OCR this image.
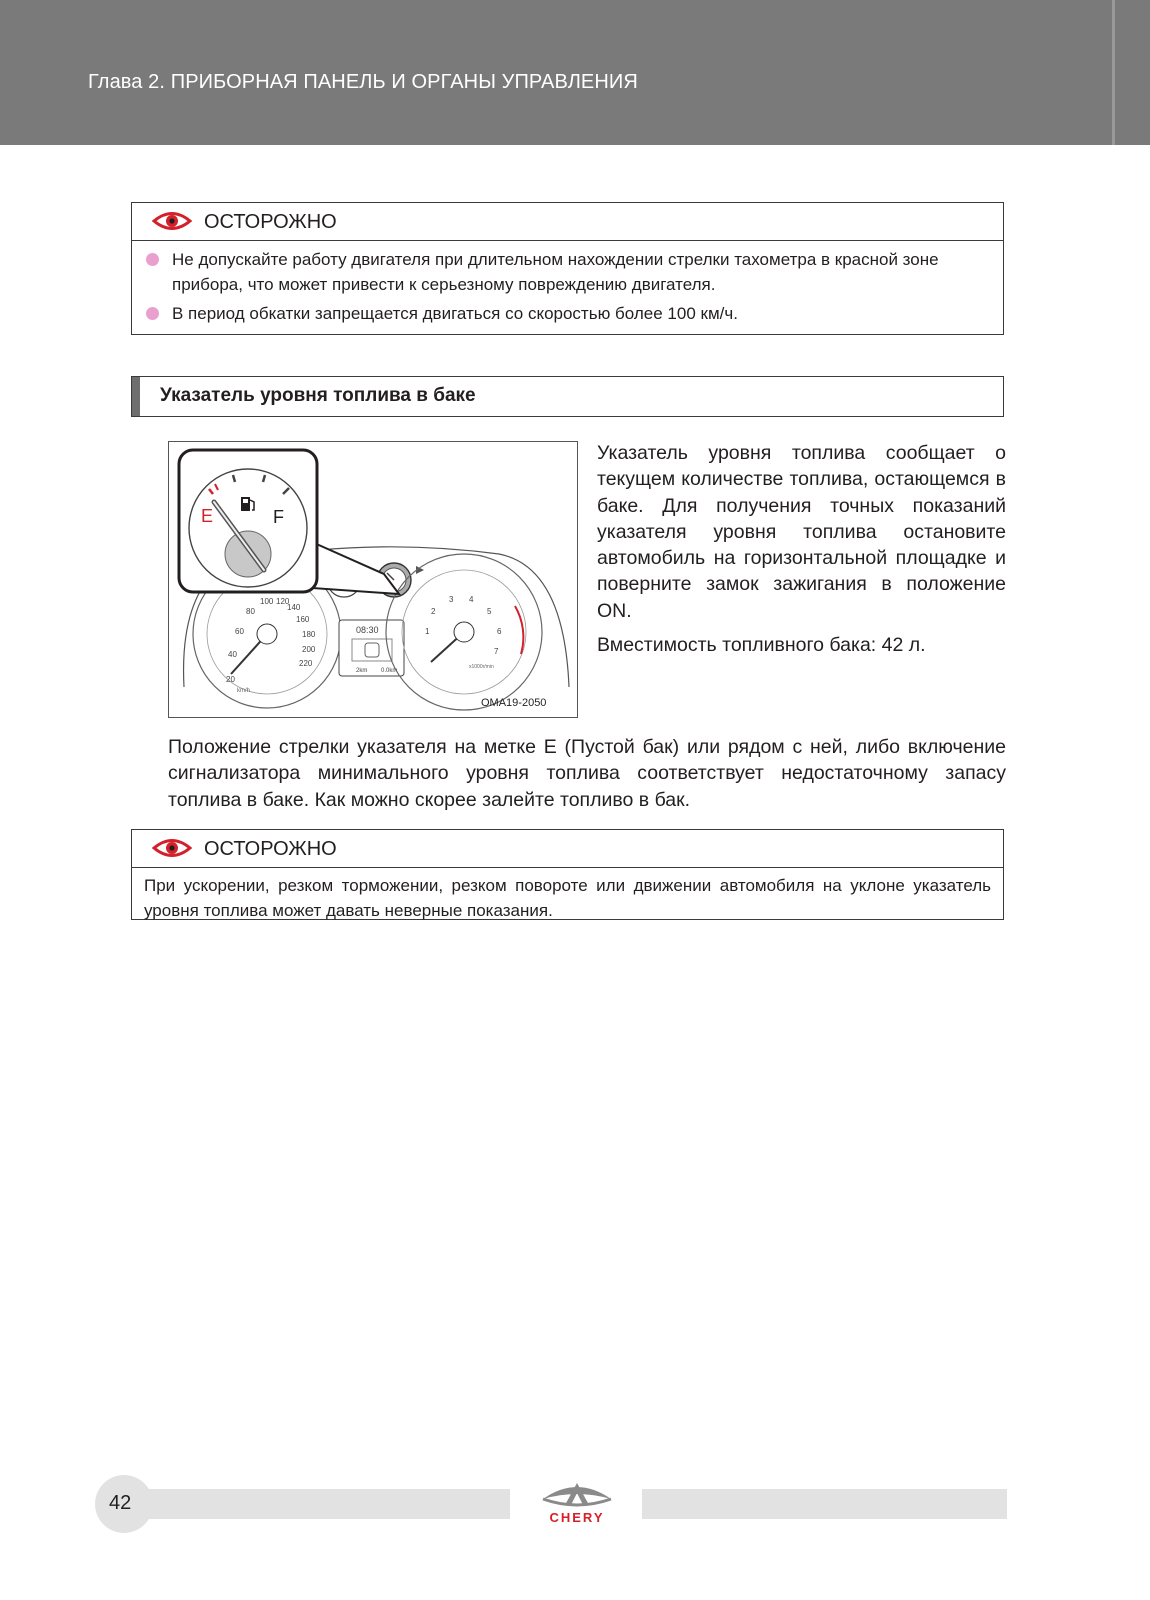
Глава 2. ПРИБОРНАЯ ПАНЕЛЬ И ОРГАНЫ УПРАВЛЕНИЯ
ОСТОРОЖНО
Не допускайте работу двигателя при длительном нахождении стрелки тахометра в красной зоне прибора, что может привести к серьезному повреждению двигателя.
В период обкатки запрещается двигаться со скоростью более 100 км/ч.
Указатель уровня топлива в баке
20
40
60
80
100 120
140
160
180
200
220
km/h
08:30
2km 0.0km
1
2
3 4
5
6
7
x1000r/min
E	F
OMA19-2050

Указатель уровня топлива сообщает о текущем количестве топлива, остающемся в баке. Для получения точных показаний указателя уровня топлива остановите автомобиль на горизонтальной площадке и поверните замок зажигания в положение ON.

Вместимость топливного бака: 42 л.

Положение стрелки указателя на метке E (Пустой бак) или рядом с ней, либо включение сигнализатора минимального уровня топлива соответствует недостаточному запасу топлива в баке. Как можно скорее залейте топливо в бак.

ОСТОРОЖНО
При ускорении, резком торможении, резком повороте или движении автомобиля на уклоне указатель уровня топлива может давать неверные показания.
42
CHERY
